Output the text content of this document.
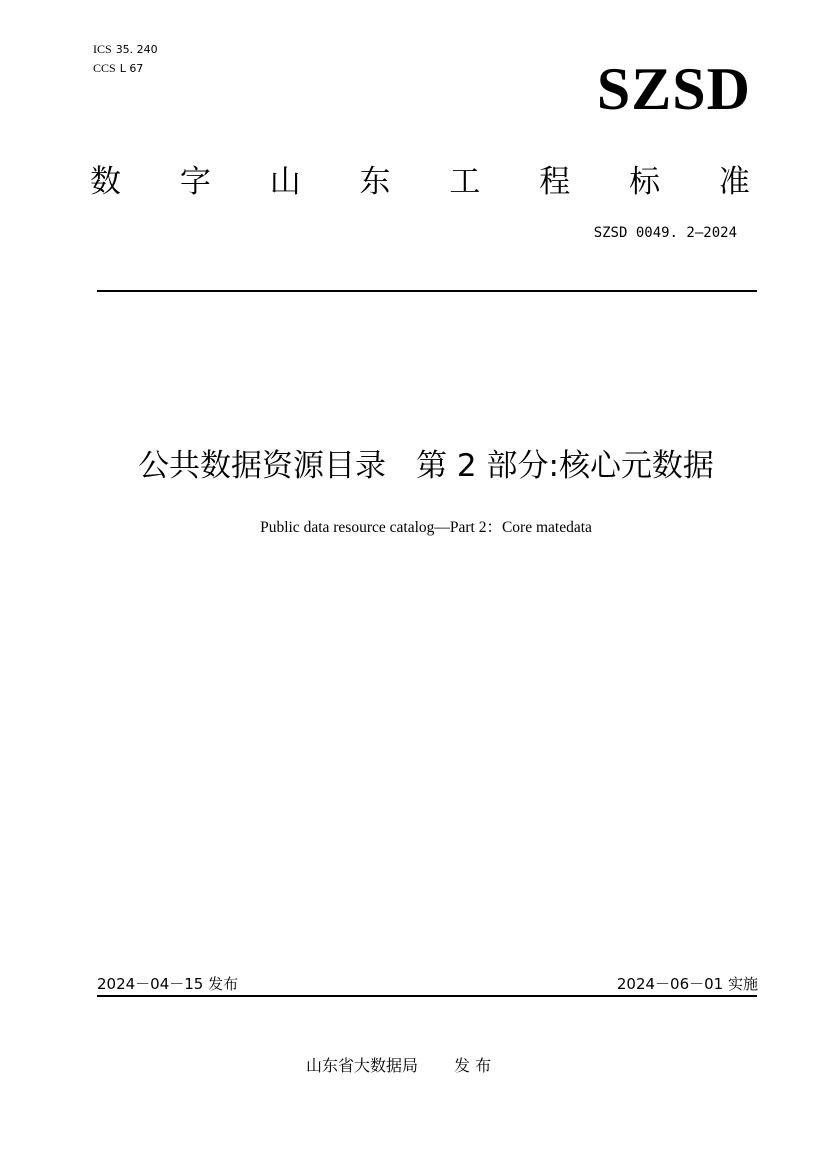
ICS 35. 240
CCS L 67	SZSD
数 字 山 东 工 程 标 准
SZSD 0049. 2—2024
公共数据资源目录 第 2 部分:核心元数据
Public data resource catalog—Part 2：Core matedata
2024－04－15 发布	2024－06－01 实施
山东省大数据局 发 布
